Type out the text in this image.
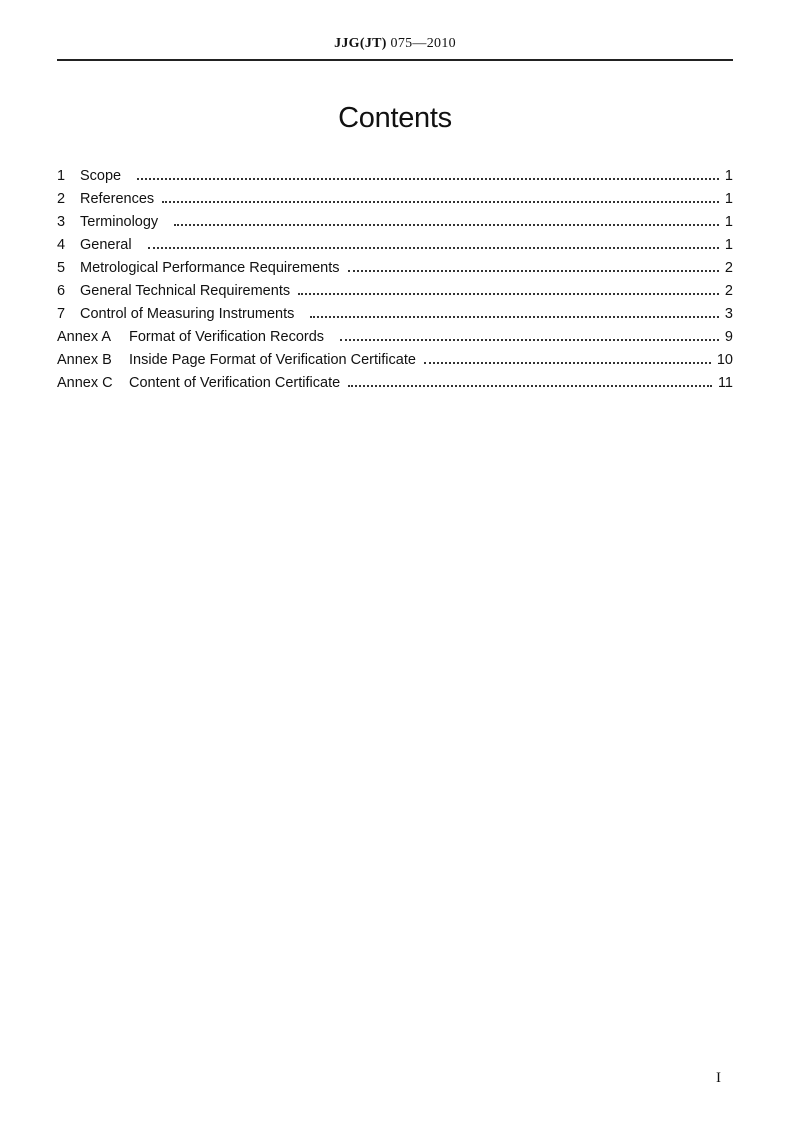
JJG(JT) 075—2010
Contents
1	Scope	1
2	References	1
3	Terminology	1
4	General	1
5	Metrological Performance Requirements	2
6	General Technical Requirements	2
7	Control of Measuring Instruments	3
Annex A	Format of Verification Records	9
Annex B	Inside Page Format of Verification Certificate	10
Annex C	Content of Verification Certificate	11
I
